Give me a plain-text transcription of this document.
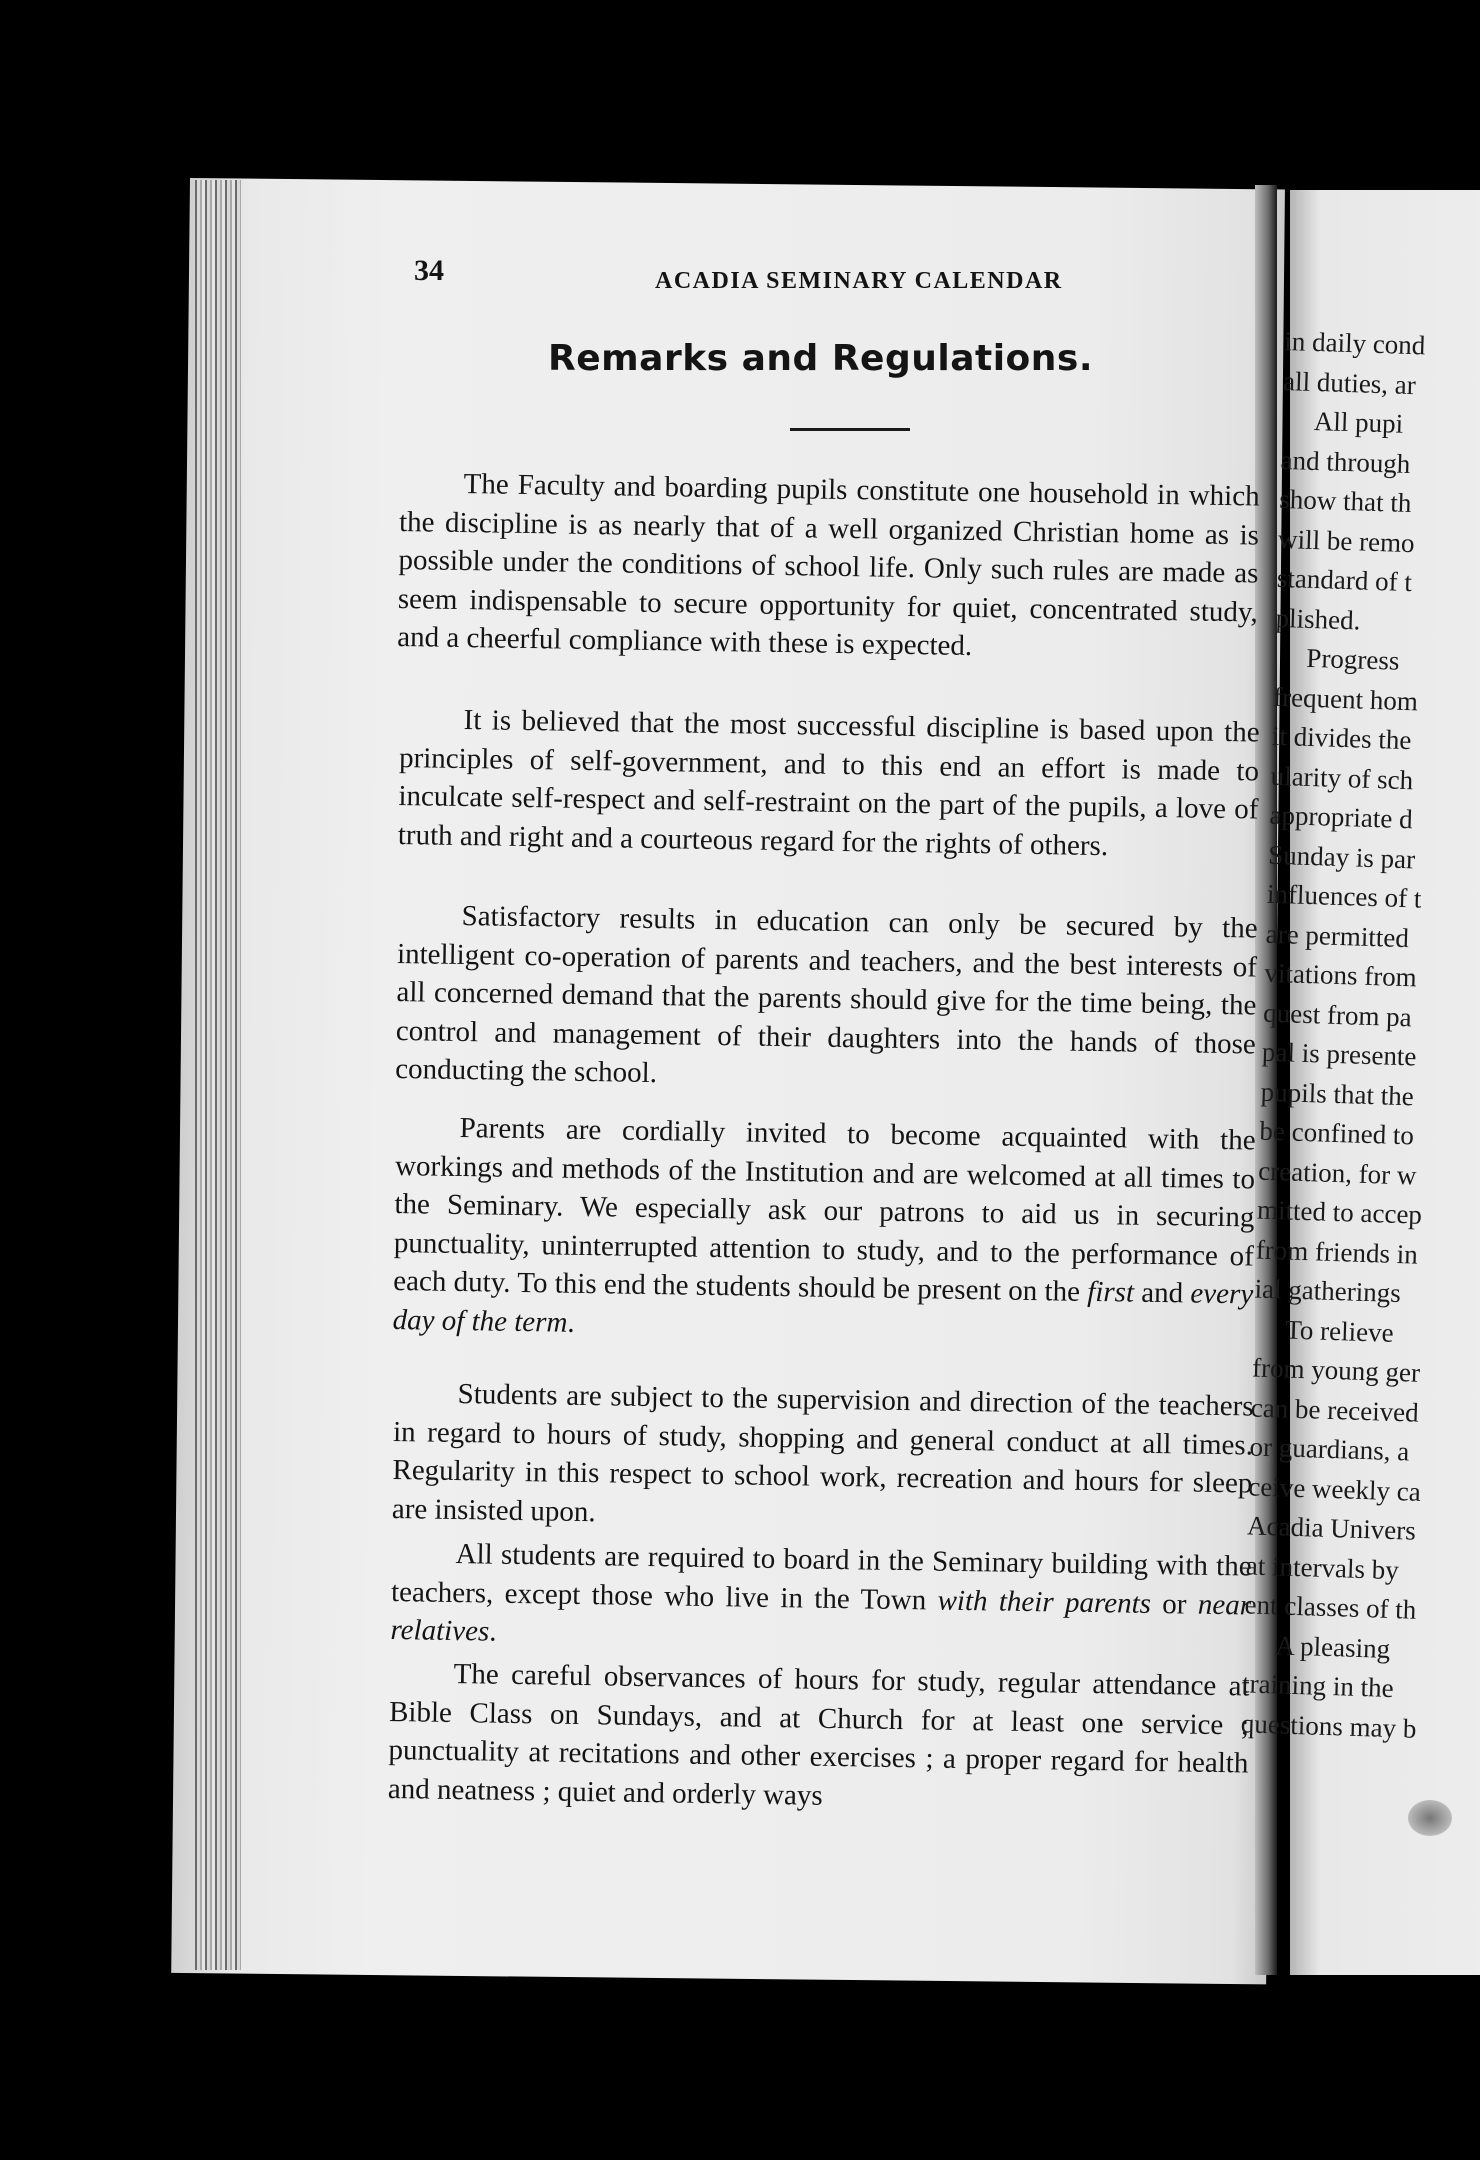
34	ACADIA SEMINARY CALENDAR
Remarks and Regulations.
The Faculty and boarding pupils constitute one household in which the discipline is as nearly that of a well organized Christian home as is possible under the conditions of school life. Only such rules are made as seem indispensable to secure opportunity for quiet, concentrated study, and a cheerful compliance with these is expected.
It is believed that the most successful discipline is based upon the principles of self-government, and to this end an effort is made to inculcate self-respect and self-restraint on the part of the pupils, a love of truth and right and a courteous regard for the rights of others.
Satisfactory results in education can only be secured by the intelligent co-operation of parents and teachers, and the best interests of all concerned demand that the parents should give for the time being, the control and management of their daughters into the hands of those conducting the school.
Parents are cordially invited to become acquainted with the workings and methods of the Institution and are welcomed at all times to the Seminary. We especially ask our patrons to aid us in securing punctuality, uninterrupted attention to study, and to the performance of each duty. To this end the students should be present on the first and every day of the term.
Students are subject to the supervision and direction of the teachers in regard to hours of study, shopping and general conduct at all times. Regularity in this respect to school work, recreation and hours for sleep are insisted upon.
All students are required to board in the Seminary building with the teachers, except those who live in the Town with their parents or near relatives.
The careful observances of hours for study, regular attendance at Bible Class on Sundays, and at Church for at least one service ; punctuality at recitations and other exercises ; a proper regard for health and neatness ; quiet and orderly ways
in daily cond
all duties, ar
All pupi
and through
show that th
will be remo
standard of t
plished.
Progress
frequent hom
it divides the
ularity of sch
appropriate d
Sunday is par
influences of t
are permitted
vitations from
quest from pa
pal is presente
pupils that the
be confined to
creation, for w
mitted to accep
from friends in
ial gatherings
To relieve
from young ger
can be received
or guardians, a
ceive weekly ca
Acadia Univers
at intervals by
ent classes of th
A pleasing
training in the
questions may b
